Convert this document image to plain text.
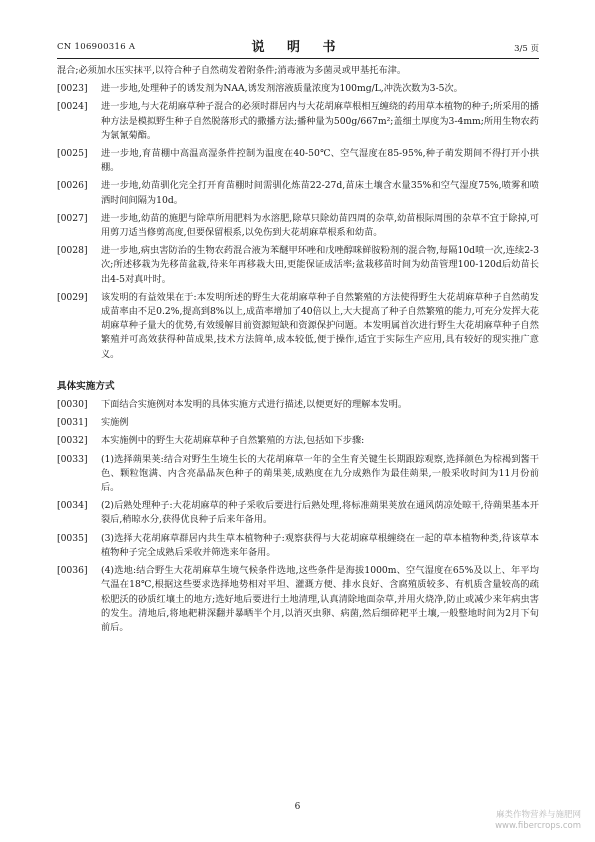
CN 106900316 A	说 明 书	3/5 页
混合;必须加水压实抹平,以符合种子自然萌发着附条件;消毒液为多菌灵或甲基托布津。
[0023]	进一步地,处理种子的诱发剂为NAA,诱发剂溶液质量浓度为100mg/L,冲洗次数为3-5次。
[0024]	进一步地,与大花胡麻草种子混合的必须时群居内与大花胡麻草根相互缠绕的药用草本植物的种子;所采用的播种方法是模拟野生种子自然脱落形式的撒播方法;播种量为500g/667m²;盖细土厚度为3-4mm;所用生物农药为氯氰菊酯。
[0025]	进一步地,育苗棚中高温高湿条件控制为温度在40-50℃、空气湿度在85-95%,种子萌发期间不得打开小拱棚。
[0026]	进一步地,幼苗驯化完全打开育苗棚时间需驯化炼苗22-27d,苗床土壤含水量35%和空气湿度75%,喷雾和喷洒时间间隔为10d。
[0027]	进一步地,幼苗的施肥与除草所用肥料为水溶肥,除草只除幼苗四周的杂草,幼苗根际周围的杂草不宜于除掉,可用剪刀适当修剪高度,但要保留根系,以免伤到大花胡麻草根系和幼苗。
[0028]	进一步地,病虫害防治的生物农药混合液为苯醚甲环唑和戊唑醇咪鲜胺粉剂的混合物,每隔10d喷一次,连续2-3次;所述移栽为先移苗盆栽,待来年再移栽大田,更能保证成活率;盆栽移苗时间为幼苗管理100-120d后幼苗长出4-5对真叶时。
[0029]	该发明的有益效果在于:本发明所述的野生大花胡麻草种子自然繁殖的方法使得野生大花胡麻草种子自然萌发成苗率由不足0.2%,提高到8%以上,成苗率增加了40倍以上,大大提高了种子自然繁殖的能力,可充分发挥大花胡麻草种子量大的优势,有效缓解目前资源短缺和资源保护问题。本发明属首次进行野生大花胡麻草种子自然繁殖并可高效获得种苗成果,技术方法简单,成本较低,便于操作,适宜于实际生产应用,具有较好的现实推广意义。
具体实施方式
[0030]	下面结合实施例对本发明的具体实施方式进行描述,以便更好的理解本发明。
[0031]	实施例
[0032]	本实施例中的野生大花胡麻草种子自然繁殖的方法,包括如下步骤:
[0033]	(1)选择蒴果荚:结合对野生生境生长的大花胡麻草一年的全生育关键生长期跟踪观察,选择颜色为棕褐到酱干色、颗粒饱满、内含亮晶晶灰色种子的蒴果荚,成熟度在九分成熟作为最佳蒴果,一般采收时间为11月份前后。
[0034]	(2)后熟处理种子:大花胡麻草的种子采收后要进行后熟处理,将标准蒴果荚放在通风荫凉处晾干,待蒴果基本开裂后,稍晾水分,获得优良种子后来年备用。
[0035]	(3)选择大花胡麻草群居内共生草本植物种子:观察获得与大花胡麻草根缠绕在一起的草本植物种类,待该草本植物种子完全成熟后采收并筛选来年备用。
[0036]	(4)选地:结合野生大花胡麻草生境气候条件选地,这些条件是海拔1000m、空气湿度在65%及以上、年平均气温在18℃,根据这些要求选择地势相对平坦、灌溉方便、排水良好、含腐殖质较多、有机质含量较高的疏松肥沃的砂质红壤土的地方;选好地后要进行土地清理,认真清除地面杂草,并用火烧净,防止或减少来年病虫害的发生。清地后,将地耙耕深翻并暴晒半个月,以消灭虫卵、病菌,然后细碎耙平土壤,一般整地时间为2月下旬前后。
6
麻类作物营养与施肥网
www.fibercrops.com
